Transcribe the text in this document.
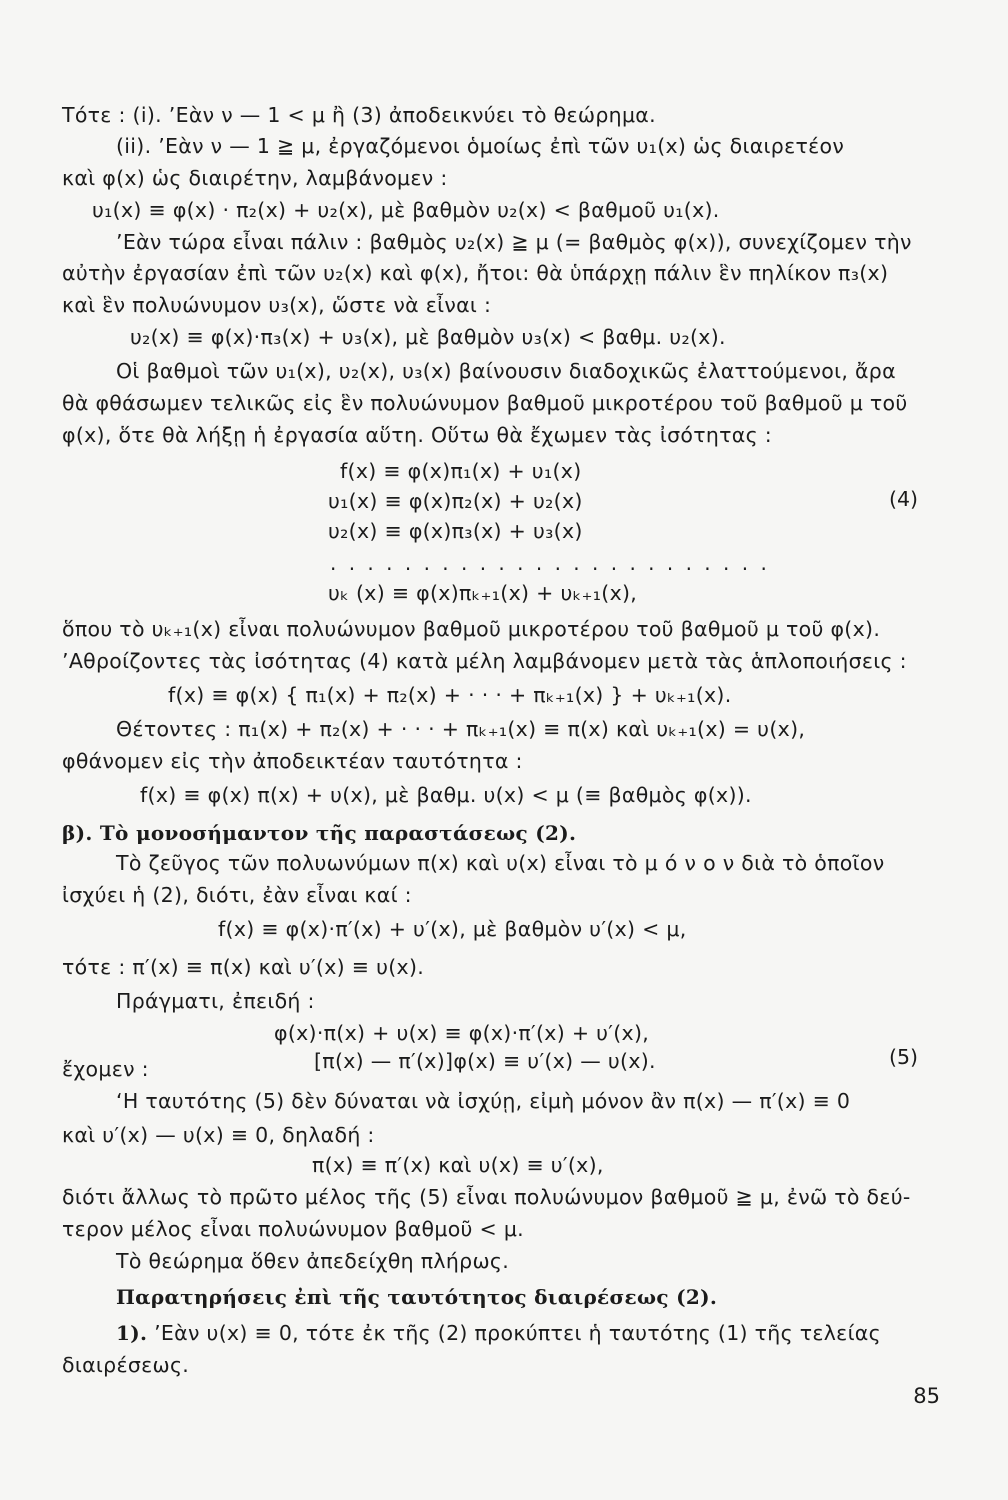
Τότε : (i). ’Εὰν ν — 1 < μ ἢ (3) ἀποδεικνύει τὸ θεώρημα.
(ii). ’Εὰν ν — 1 ≧ μ, ἐργαζόμενοι ὁμοίως ἐπὶ τῶν υ₁(x) ὡς διαιρετέον
καὶ φ(x) ὡς διαιρέτην, λαμβάνομεν :
υ₁(x) ≡ φ(x) · π₂(x) + υ₂(x), μὲ βαθμὸν υ₂(x) < βαθμοῦ υ₁(x).
’Εὰν τώρα εἶναι πάλιν : βαθμὸς υ₂(x) ≧ μ (= βαθμὸς φ(x)), συνεχίζομεν τὴν
αὐτὴν ἐργασίαν ἐπὶ τῶν υ₂(x) καὶ φ(x), ἤτοι: θὰ ὑπάρχῃ πάλιν ἓν πηλίκον π₃(x)
καὶ ἓν πολυώνυμον υ₃(x), ὥστε νὰ εἶναι :
υ₂(x) ≡ φ(x)·π₃(x) + υ₃(x), μὲ βαθμὸν υ₃(x) < βαθμ. υ₂(x).
Οἱ βαθμοὶ τῶν υ₁(x), υ₂(x), υ₃(x) βαίνουσιν διαδοχικῶς ἐλαττούμενοι, ἄρα
θὰ φθάσωμεν τελικῶς εἰς ἓν πολυώνυμον βαθμοῦ μικροτέρου τοῦ βαθμοῦ μ τοῦ
φ(x), ὅτε θὰ λήξῃ ἡ ἐργασία αὕτη. Οὕτω θὰ ἔχωμεν τὰς ἰσότητας :
f(x) ≡ φ(x)π₁(x) + υ₁(x)
υ₁(x) ≡ φ(x)π₂(x) + υ₂(x)	(4)
υ₂(x) ≡ φ(x)π₃(x) + υ₃(x)
. . . . . . . . . . . . . . . . . . . . . . . .
υₖ (x) ≡ φ(x)πₖ₊₁(x) + υₖ₊₁(x),
ὅπου τὸ υₖ₊₁(x) εἶναι πολυώνυμον βαθμοῦ μικροτέρου τοῦ βαθμοῦ μ τοῦ φ(x).
’Αθροίζοντες τὰς ἰσότητας (4) κατὰ μέλη λαμβάνομεν μετὰ τὰς ἁπλοποιήσεις :
f(x) ≡ φ(x) { π₁(x) + π₂(x) + · · · + πₖ₊₁(x) } + υₖ₊₁(x).
Θέτοντες : π₁(x) + π₂(x) + · · · + πₖ₊₁(x) ≡ π(x) καὶ υₖ₊₁(x) = υ(x),
φθάνομεν εἰς τὴν ἀποδεικτέαν ταυτότητα :
f(x) ≡ φ(x) π(x) + υ(x), μὲ βαθμ. υ(x) < μ (≡ βαθμὸς φ(x)).
β). Τὸ μονοσήμαντον τῆς παραστάσεως (2).
Τὸ ζεῦγος τῶν πολυωνύμων π(x) καὶ υ(x) εἶναι τὸ μ ό ν ο ν διὰ τὸ ὁποῖον
ἰσχύει ἡ (2), διότι, ἐὰν εἶναι καί :
f(x) ≡ φ(x)·π′(x) + υ′(x), μὲ βαθμὸν υ′(x) < μ,
τότε : π′(x) ≡ π(x) καὶ υ′(x) ≡ υ(x).
Πράγματι, ἐπειδή :
φ(x)·π(x) + υ(x) ≡ φ(x)·π′(x) + υ′(x),
ἔχομεν :	[π(x) — π′(x)]φ(x) ≡ υ′(x) — υ(x).	(5)
‘Η ταυτότης (5) δὲν δύναται νὰ ἰσχύῃ, εἰμὴ μόνον ἂν π(x) — π′(x) ≡ 0
καὶ υ′(x) — υ(x) ≡ 0, δηλαδή :
π(x) ≡ π′(x) καὶ υ(x) ≡ υ′(x),
διότι ἄλλως τὸ πρῶτο μέλος τῆς (5) εἶναι πολυώνυμον βαθμοῦ ≧ μ, ἐνῶ τὸ δεύ-
τερον μέλος εἶναι πολυώνυμον βαθμοῦ < μ.
Τὸ θεώρημα ὅθεν ἀπεδείχθη πλήρως.
Παρατηρήσεις ἐπὶ τῆς ταυτότητος διαιρέσεως (2).
1). ’Εὰν υ(x) ≡ 0, τότε ἐκ τῆς (2) προκύπτει ἡ ταυτότης (1) τῆς τελείας
διαιρέσεως.
85
